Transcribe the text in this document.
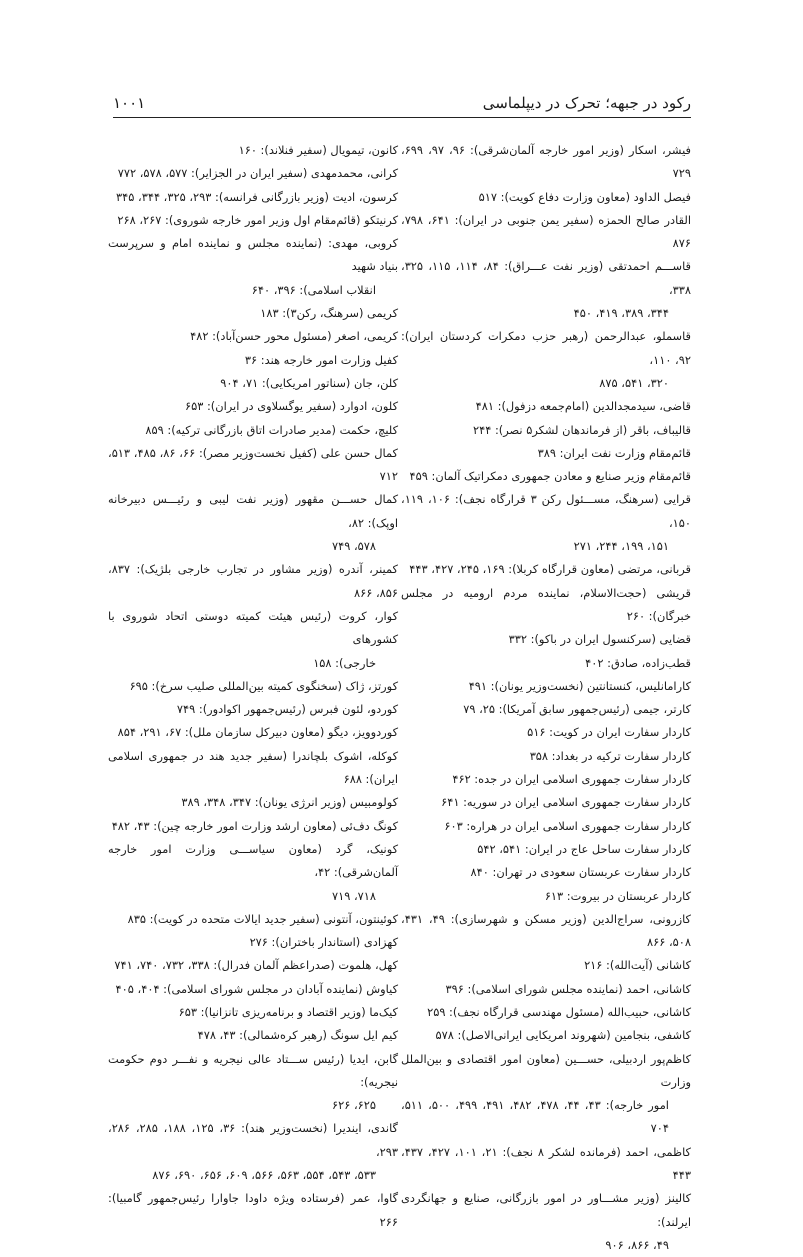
رکود در جبهه؛ تحرک در دیپلماسی
۱۰۰۱

فیشر، اسکار (وزیر امور خارجه آلمان‌شرقی): ۹۶، ۹۷، ۶۹۹، ۷۲۹

فیصل الداود (معاون وزارت دفاع کویت): ۵۱۷

القادر صالح الحمزه (سفیر یمن جنوبی در ایران): ۶۴۱، ۷۹۸، ۸۷۶

قاســـم احمدتقی (وزیر نفت عـــراق): ۸۴، ۱۱۴، ۱۱۵، ۳۲۵، ۳۳۸،
۳۴۴، ۳۸۹، ۴۱۹، ۴۵۰

قاسملو، عبدالرحمن (رهبر حزب دمکرات کردستان ایران): ۹۲، ۱۱۰،
۳۲۰، ۵۴۱، ۸۷۵

قاضی، سیدمجدالدین (امام‌جمعه دزفول): ۴۸۱

قالیباف، باقر (از فرماندهان لشکر۵ نصر): ۲۴۴

قائم‌مقام وزارت نفت ایران: ۳۸۹

قائم‌مقام وزیر صنایع و معادن جمهوری دمکراتیک آلمان: ۴۵۹

قرایی (سرهنگ، مســـئول رکن ۳ قرارگاه نجف): ۱۰۶، ۱۱۹، ۱۵۰،
۱۵۱، ۱۹۹، ۲۴۴، ۲۷۱

قربانی، مرتضی (معاون قرارگاه کربلا): ۱۶۹، ۲۴۵، ۴۲۷، ۴۴۳

قریشی (حجت‌الاسلام، نماینده مردم ارومیه در مجلس خبرگان): ۲۶۰

قضایی (سرکنسول ایران در باکو): ۳۳۲

قطب‌زاده، صادق: ۴۰۲

کارامانلیس، کنستانتین (نخست‌وزیر یونان): ۴۹۱

کارتر، جیمی (رئیس‌جمهور سابق آمریکا): ۲۵، ۷۹

کاردار سفارت ایران در کویت: ۵۱۶

کاردار سفارت ترکیه در بغداد: ۳۵۸

کاردار سفارت جمهوری اسلامی ایران در جده: ۴۶۲

کاردار سفارت جمهوری اسلامی ایران در سوریه: ۶۴۱

کاردار سفارت جمهوری اسلامی ایران در هراره: ۶۰۳

کاردار سفارت ساحل عاج در ایران: ۵۴۱، ۵۴۲

کاردار سفارت عربستان سعودی در تهران: ۸۴۰

کاردار عربستان در بیروت: ۶۱۳

کازرونی، سراج‌الدین (وزیر مسکن و شهرسازی): ۴۹، ۴۳۱، ۵۰۸، ۸۶۶

کاشانی (آیت‌الله): ۲۱۶

کاشانی، احمد (نماینده مجلس شورای اسلامی): ۳۹۶

کاشانی، حبیب‌الله (مسئول مهندسی قرارگاه نجف): ۲۵۹

کاشفی، بنجامین (شهروند امریکایی ایرانی‌الاصل): ۵۷۸

کاظم‌پور اردبیلی، حســـین (معاون امور اقتصادی و بین‌الملل وزارت
امور خارجه): ۴۳، ۴۴، ۴۷۸، ۴۸۲، ۴۹۱، ۴۹۹، ۵۰۰، ۵۱۱، ۷۰۴

کاظمی، احمد (فرمانده لشکر ۸ نجف): ۲۱، ۱۰۱، ۴۲۷، ۴۳۷، ۴۴۳

کالینز (وزیر مشـــاور در امور بازرگانی، صنایع و جهانگردی ایرلند):
۴۹، ۸۶۶، ۹۰۶

کانون، تیمویال (سفیر فنلاند): ۱۶۰

کرانی، محمدمهدی (سفیر ایران در الجزایر): ۵۷۷، ۵۷۸، ۷۷۲

کرسون، ادیت (وزیر بازرگانی فرانسه): ۲۹۳، ۳۲۵، ۳۴۴، ۳۴۵

کرنیتکو (قائم‌مقام اول وزیر امور خارجه شوروی): ۲۶۷، ۲۶۸

کروبی، مهدی: (نماینده مجلس و نماینده امام و سرپرست بنیاد شهید
انقلاب اسلامی): ۳۹۶، ۶۴۰

کریمی (سرهنگ، رکن۳): ۱۸۳

کریمی، اصغر (مسئول محور حسن‌آباد): ۴۸۲

کفیل وزارت امور خارجه هند: ۳۶

کلن، جان (سناتور امریکایی): ۷۱، ۹۰۴

کلون، ادوارد (سفیر یوگسلاوی در ایران): ۶۵۳

کلیچ، حکمت (مدیر صادرات اتاق بازرگانی ترکیه): ۸۵۹

کمال حسن علی (کفیل نخست‌وزیر مصر): ۶۶، ۸۶، ۴۸۵، ۵۱۳، ۷۱۲

کمال حســـن مقهور (وزیر نفت لیبی و رئیـــس دبیرخانه اوپک): ۸۲،
۵۷۸، ۷۴۹

کمینر، آندره (وزیر مشاور در تجارب خارجی بلژیک): ۸۳۷، ۸۵۶، ۸۶۶

کوار، کروت (رئیس هیئت کمیته دوستی اتحاد شوروی با کشورهای
خارجی): ۱۵۸

کورتز، ژاک (سخنگوی کمیته بین‌المللی صلیب سرخ): ۶۹۵

کوردو، لئون فبرس (رئیس‌جمهور اکوادور): ۷۴۹

کوردوویز، دیگو (معاون دبیرکل سازمان ملل): ۶۷، ۲۹۱، ۸۵۴

کوکله، اشوک بلچاندرا (سفیر جدید هند در جمهوری اسلامی ایران): ۶۸۸

کولومبیس (وزیر انرژی یونان): ۳۴۷، ۳۴۸، ۳۸۹

کونگ دف‌ئی (معاون ارشد وزارت امور خارجه چین): ۴۳، ۴۸۲

کونیک، گرد (معاون سیاســـی وزارت امور خارجه آلمان‌شرقی): ۴۲،
۷۱۸، ۷۱۹

کوئینتون، آنتونی (سفیر جدید ایالات متحده در کویت): ۸۳۵

کهزادی (استاندار باختران): ۲۷۶

کهل، هلموت (صدراعظم آلمان فدرال): ۳۳۸، ۷۳۲، ۷۴۰، ۷۴۱

کیاوش (نماینده آبادان در مجلس شورای اسلامی): ۴۰۴، ۴۰۵

کیک‌ما (وزیر اقتصاد و برنامه‌ریزی تانزانیا): ۶۵۳

کیم ایل سونگ (رهبر کره‌شمالی): ۴۳، ۴۷۸

گابن، ایدیا (رئیس ســـتاد عالی نیجریه و نفـــر دوم حکومت نیجریه):
۶۲۵، ۶۲۶

گاندی، ایندیرا (نخست‌وزیر هند): ۳۶، ۱۲۵، ۱۸۸، ۲۸۵، ۲۸۶، ۲۹۳،
۵۳۳، ۵۴۳، ۵۵۴، ۵۶۳، ۵۶۶، ۶۰۹، ۶۵۶، ۶۹۰، ۸۷۶

گاوا، عمر (فرستاده ویژه داودا جاوارا رئیس‌جمهور گامبیا): ۲۶۶
